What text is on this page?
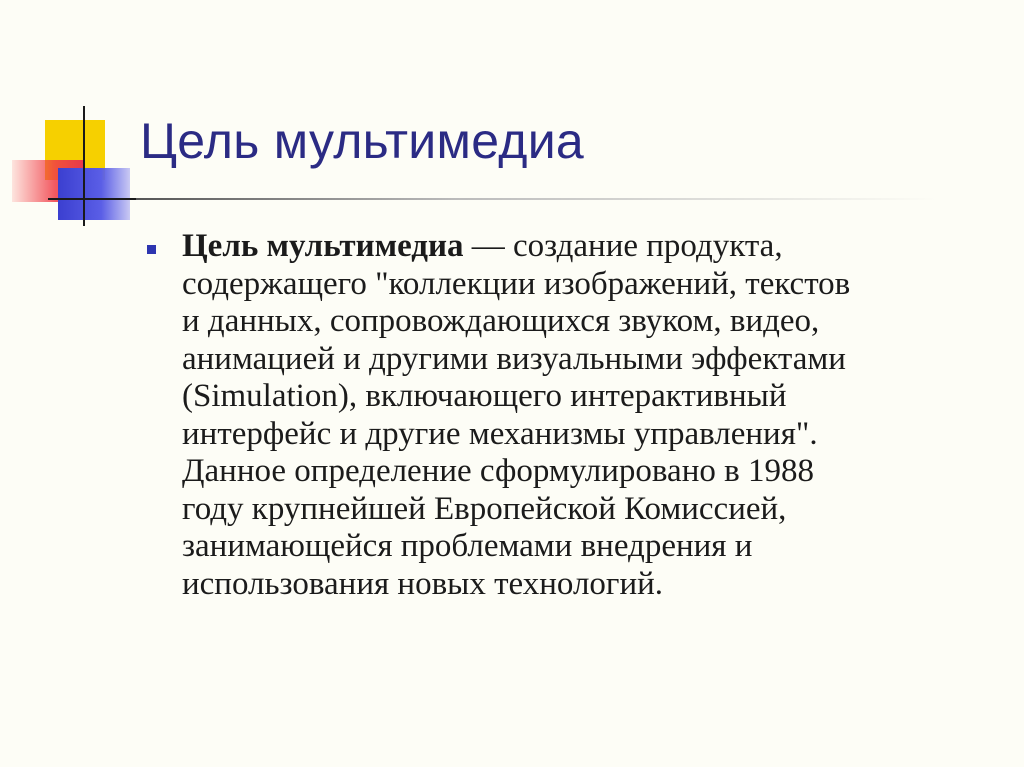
Цель мультимедиа
Цель мультимедиа — создание продукта,
содержащего "коллекции изображений, текстов
и данных, сопровождающихся звуком, видео,
анимацией и другими визуальными эффектами
(Simulation), включающего интерактивный
интерфейс и другие механизмы управления".
Данное определение сформулировано в 1988
году крупнейшей Европейской Комиссией,
занимающейся проблемами внедрения и
использования новых технологий.
